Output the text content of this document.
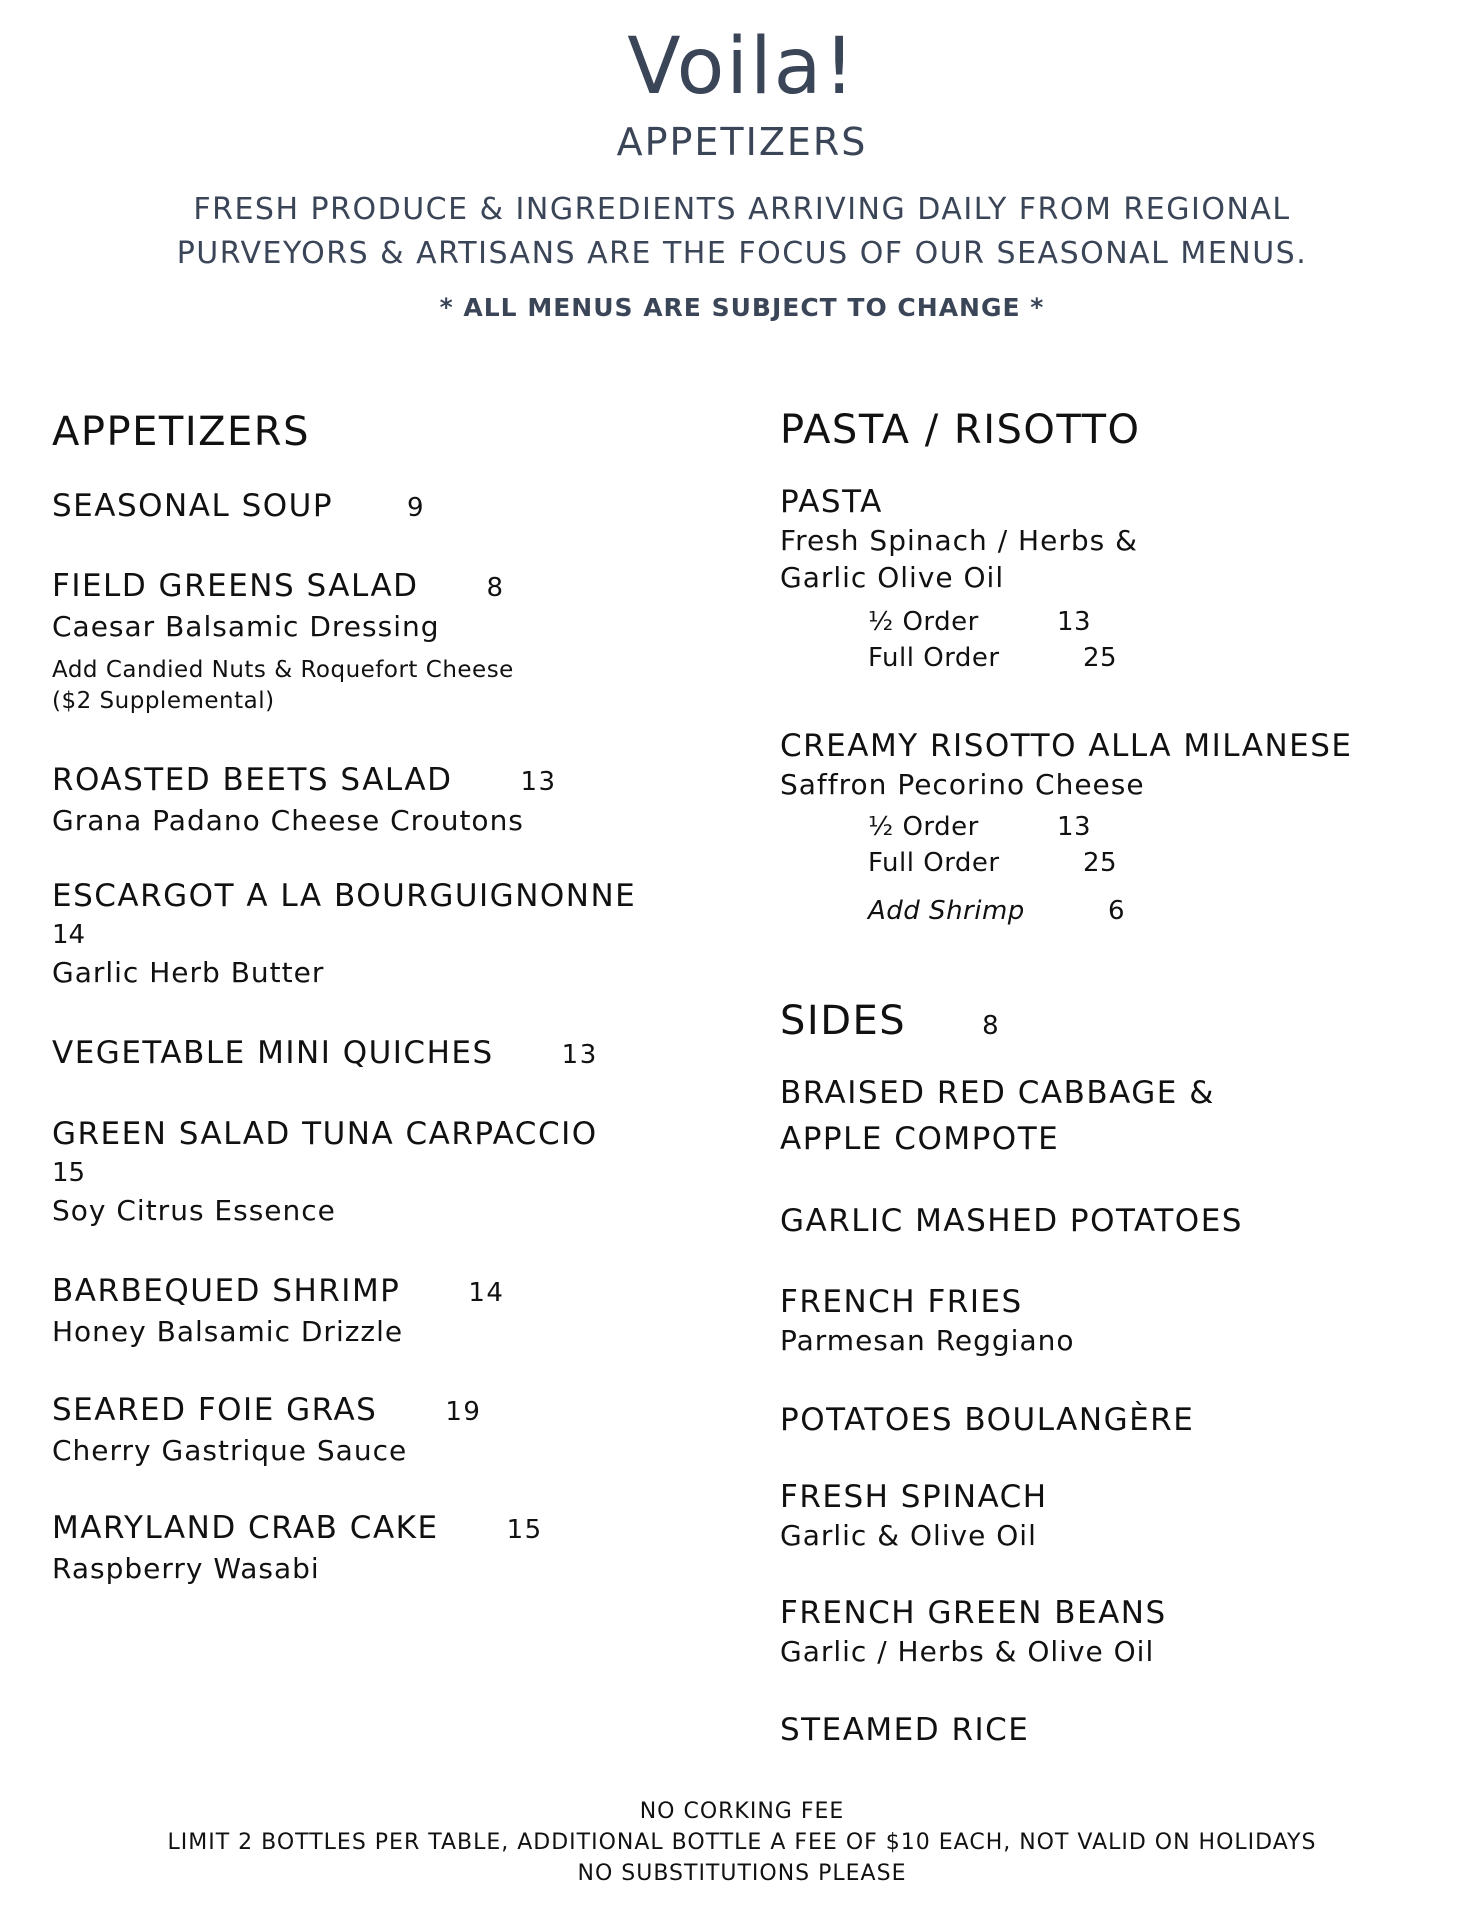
Voila!
APPETIZERS
FRESH PRODUCE & INGREDIENTS ARRIVING DAILY FROM REGIONAL
PURVEYORS & ARTISANS ARE THE FOCUS OF OUR SEASONAL MENUS.
* ALL MENUS ARE SUBJECT TO CHANGE *
APPETIZERS
SEASONAL SOUP	9
FIELD GREENS SALAD	8
Caesar Balsamic Dressing
Add Candied Nuts & Roquefort Cheese
($2 Supplemental)
ROASTED BEETS SALAD	13
Grana Padano Cheese Croutons
ESCARGOT A LA BOURGUIGNONNE
14
Garlic Herb Butter
VEGETABLE MINI QUICHES	13
GREEN SALAD TUNA CARPACCIO
15
Soy Citrus Essence
BARBEQUED SHRIMP	14
Honey Balsamic Drizzle
SEARED FOIE GRAS	19
Cherry Gastrique Sauce
MARYLAND CRAB CAKE	15
Raspberry Wasabi
PASTA / RISOTTO
PASTA
Fresh Spinach / Herbs &
Garlic Olive Oil
½ Order	13
Full Order	25
CREAMY RISOTTO ALLA MILANESE
Saffron Pecorino Cheese
½ Order	13
Full Order	25
Add Shrimp	6
SIDES	8
BRAISED RED CABBAGE &
APPLE COMPOTE
GARLIC MASHED POTATOES
FRENCH FRIES
Parmesan Reggiano
POTATOES BOULANGÈRE
FRESH SPINACH
Garlic & Olive Oil
FRENCH GREEN BEANS
Garlic / Herbs & Olive Oil
STEAMED RICE
NO CORKING FEE
LIMIT 2 BOTTLES PER TABLE, ADDITIONAL BOTTLE A FEE OF $10 EACH, NOT VALID ON HOLIDAYS
NO SUBSTITUTIONS PLEASE
